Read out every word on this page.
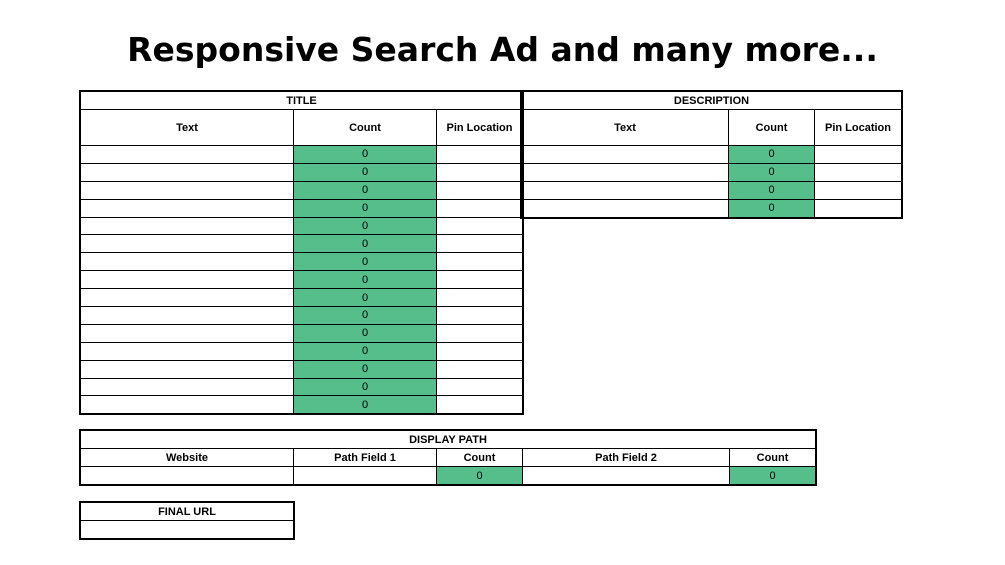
Responsive Search Ad and many more...
TITLE		
Text	Count	Pin Location
	0	
	0	
	0	
	0	
	0	
	0	
	0	
	0	
	0	
	0	
	0	
	0	
	0	
	0	
	0	
DESCRIPTION		
Text	Count	Pin Location
	0	
	0	
	0	
	0	
DISPLAY PATH				
Website	Path Field 1	Count	Path Field 2	Count
		0		0
FINAL URL
